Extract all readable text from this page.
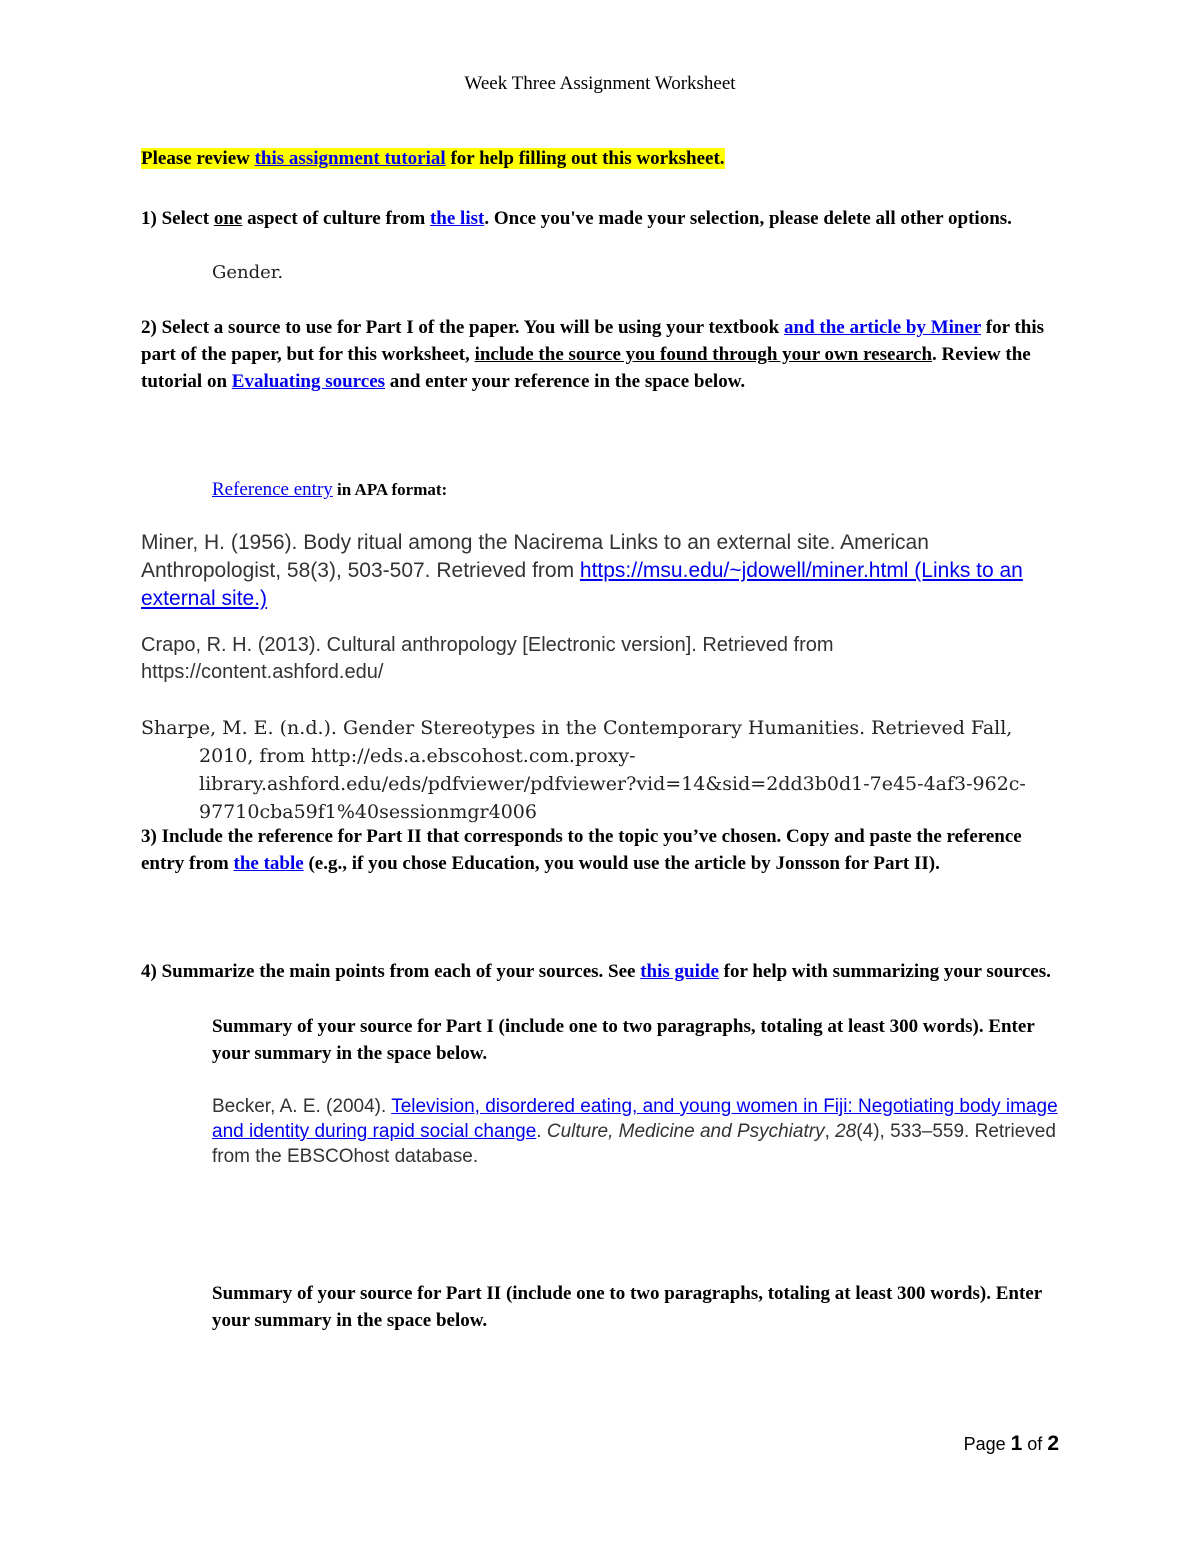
Week Three Assignment Worksheet
Please review this assignment tutorial for help filling out this worksheet.
1) Select one aspect of culture from the list. Once you've made your selection, please delete all other options.
Gender.
2) Select a source to use for Part I of the paper. You will be using your textbook and the article by Miner for this part of the paper, but for this worksheet, include the source you found through your own research. Review the tutorial on Evaluating sources and enter your reference in the space below.
Reference entry in APA format:
Miner, H. (1956). Body ritual among the Nacirema Links to an external site. American Anthropologist, 58(3), 503-507. Retrieved from https://msu.edu/~jdowell/miner.html (Links to an external site.)
Crapo, R. H. (2013). Cultural anthropology [Electronic version]. Retrieved from https://content.ashford.edu/
Sharpe, M. E. (n.d.). Gender Stereotypes in the Contemporary Humanities. Retrieved Fall, 2010, from http://eds.a.ebscohost.com.proxy-library.ashford.edu/eds/pdfviewer/pdfviewer?vid=14&sid=2dd3b0d1-7e45-4af3-962c-97710cba59f1%40sessionmgr4006
3) Include the reference for Part II that corresponds to the topic you’ve chosen. Copy and paste the reference entry from the table (e.g., if you chose Education, you would use the article by Jonsson for Part II).
4) Summarize the main points from each of your sources. See this guide for help with summarizing your sources.
Summary of your source for Part I (include one to two paragraphs, totaling at least 300 words). Enter your summary in the space below.
Becker, A. E. (2004). Television, disordered eating, and young women in Fiji: Negotiating body image and identity during rapid social change. Culture, Medicine and Psychiatry, 28(4), 533–559. Retrieved from the EBSCOhost database.
Summary of your source for Part II (include one to two paragraphs, totaling at least 300 words). Enter your summary in the space below.
Page 1 of 2
